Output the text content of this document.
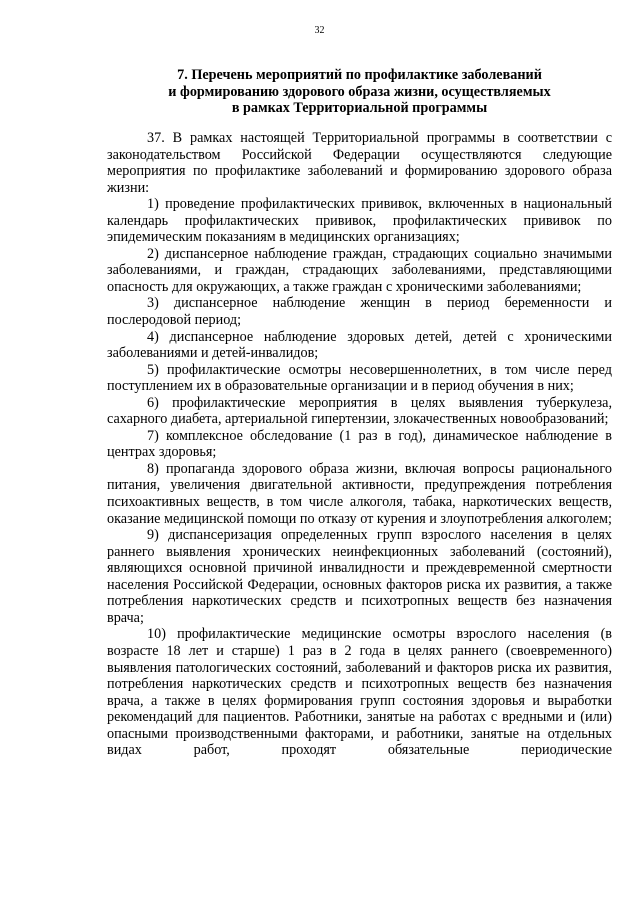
32
7. Перечень мероприятий по профилактике заболеваний
и формированию здорового образа жизни, осуществляемых
в рамках Территориальной программы

37. В рамках настоящей Территориальной программы в соответствии с законодательством Российской Федерации осуществляются следующие мероприятия по профилактике заболеваний и формированию здорового образа жизни:

1) проведение профилактических прививок, включенных в национальный календарь профилактических прививок, профилактических прививок по эпидемическим показаниям в медицинских организациях;

2) диспансерное наблюдение граждан, страдающих социально значимыми заболеваниями, и граждан, страдающих заболеваниями, представляющими опасность для окружающих, а также граждан с хроническими заболеваниями;

3) диспансерное наблюдение женщин в период беременности и послеродовой период;

4) диспансерное наблюдение здоровых детей, детей с хроническими заболеваниями и детей-инвалидов;

5) профилактические осмотры несовершеннолетних, в том числе перед поступлением их в образовательные организации и в период обучения в них;

6) профилактические мероприятия в целях выявления туберкулеза, сахарного диабета, артериальной гипертензии, злокачественных новообразований;

7) комплексное обследование (1 раз в год), динамическое наблюдение в центрах здоровья;

8) пропаганда здорового образа жизни, включая вопросы рационального питания, увеличения двигательной активности, предупреждения потребления психоактивных веществ, в том числе алкоголя, табака, наркотических веществ, оказание медицинской помощи по отказу от курения и злоупотребления алкоголем;

9) диспансеризация определенных групп взрослого населения в целях раннего выявления хронических неинфекционных заболеваний (состояний), являющихся основной причиной инвалидности и преждевременной смертности населения Российской Федерации, основных факторов риска их развития, а также потребления наркотических средств и психотропных веществ без назначения врача;

10) профилактические медицинские осмотры взрослого населения (в возрасте 18 лет и старше) 1 раз в 2 года в целях раннего (своевременного) выявления патологических состояний, заболеваний и факторов риска их развития, потребления наркотических средств и психотропных веществ без назначения врача, а также в целях формирования групп состояния здоровья и выработки рекомендаций для пациентов. Работники, занятые на работах с вредными и (или) опасными производственными факторами, и работники, занятые на отдельных видах работ, проходят обязательные периодические
